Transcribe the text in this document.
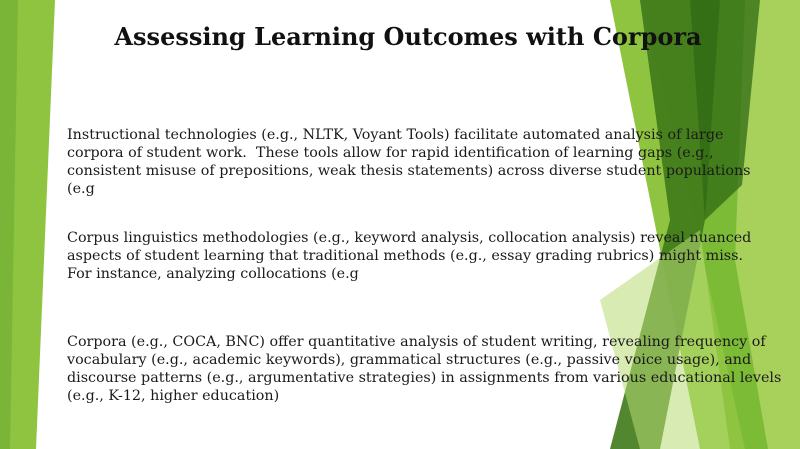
Assessing Learning Outcomes with Corpora

Instructional technologies (e.g., NLTK, Voyant Tools) facilitate automated analysis of large
corpora of student work.  These tools allow for rapid identification of learning gaps (e.g.,
consistent misuse of prepositions, weak thesis statements) across diverse student populations
(e.g

Corpus linguistics methodologies (e.g., keyword analysis, collocation analysis) reveal nuanced
aspects of student learning that traditional methods (e.g., essay grading rubrics) might miss.
For instance, analyzing collocations (e.g

Corpora (e.g., COCA, BNC) offer quantitative analysis of student writing, revealing frequency of
vocabulary (e.g., academic keywords), grammatical structures (e.g., passive voice usage), and
discourse patterns (e.g., argumentative strategies) in assignments from various educational levels
(e.g., K-12, higher education)
